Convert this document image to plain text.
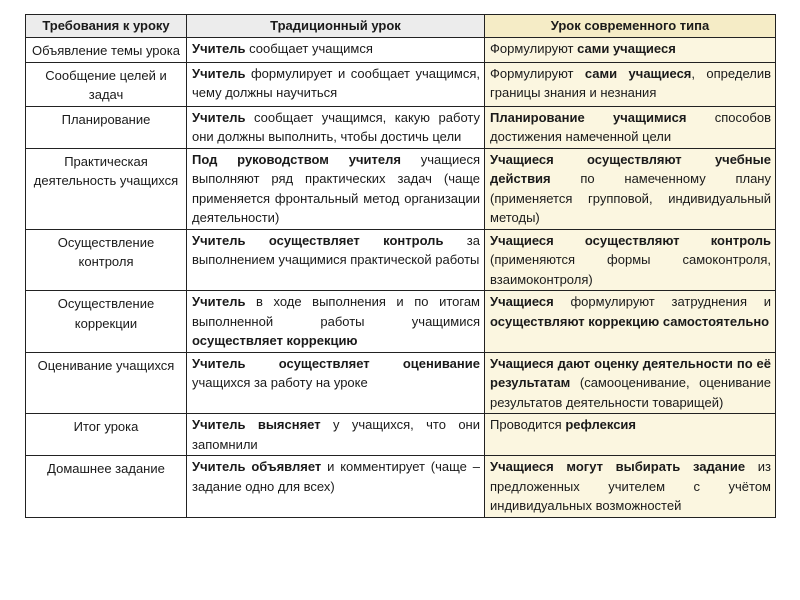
Требования к уроку	Традиционный урок	Урок современного типа
Объявление темы урока	Учитель сообщает учащимся	Формулируют сами учащиеся
Сообщение целей и задач	Учитель формулирует и сообщает учащимся, чему должны научиться	Формулируют сами учащиеся, определив границы знания и незнания
Планирование	Учитель сообщает учащимся, какую работу они должны выполнить, чтобы достичь цели	Планирование учащимися способов достижения намеченной цели
Практическая деятельность учащихся	Под руководством учителя учащиеся выполняют ряд практических задач (чаще применяется фронтальный метод организации деятельности)	Учащиеся осуществляют учебные действия по намеченному плану (применяется групповой, индивидуальный методы)
Осуществление контроля	Учитель осуществляет контроль за выполнением учащимися практической работы	Учащиеся осуществляют контроль (применяются формы самоконтроля, взаимоконтроля)
Осуществление коррекции	Учитель в ходе выполнения и по итогам выполненной работы учащимися осуществляет коррекцию	Учащиеся формулируют затруднения и осуществляют коррекцию самостоятельно
Оценивание учащихся	Учитель осуществляет оценивание учащихся за работу на уроке	Учащиеся дают оценку деятельности по её результатам (самооценивание, оценивание результатов деятельности товарищей)
Итог урока	Учитель выясняет у учащихся, что они запомнили	Проводится рефлексия
Домашнее задание	Учитель объявляет и комментирует (чаще – задание одно для всех)	Учащиеся могут выбирать задание из предложенных учителем с учётом индивидуальных возможностей
